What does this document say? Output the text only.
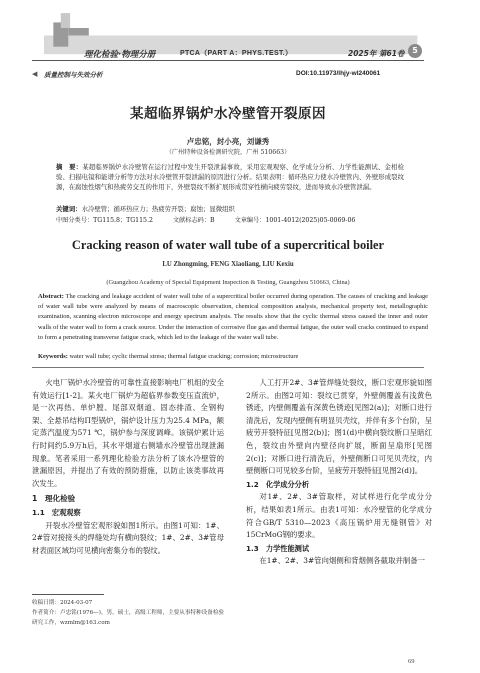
理化检验·物理分册	PTCA（PART A：PHYS.TEST.）	2025年 第61卷 5
◀ 质量控制与失效分析	DOI:10.11973/lhjy-wl240061
某超临界锅炉水冷壁管开裂原因
卢忠铭，封小亮，刘谦秀
（广州特种设备检测研究院，广州 510663）
摘　要：某超临界锅炉水冷壁管在运行过程中发生开裂泄漏事故，采用宏观观察、化学成分分析、力学性能测试、金相检验、扫描电镜和能谱分析等方法对水冷壁管开裂泄漏的原因进行分析。结果表明：循环热应力使水冷壁管内、外壁形成裂纹源，在腐蚀性烟气和热疲劳交互的作用下，外壁裂纹不断扩展形成贯穿性横向疲劳裂纹，进而导致水冷壁管泄漏。
关键词：水冷壁管；循环热应力；热疲劳开裂；腐蚀；显微组织
中图分类号：TG115.8；TG115.2	文献标志码：B	文章编号：1001-4012(2025)05-0069-06
Cracking reason of water wall tube of a supercritical boiler
LU Zhongming, FENG Xiaoliang, LIU Kexiu
(Guangzhou Academy of Special Equipment Inspection & Testing, Guangzhou 510663, China)
Abstract: The cracking and leakage accident of water wall tube of a supercritical boiler occurred during operation. The causes of cracking and leakage of water wall tube were analyzed by means of macroscopic observation, chemical composition analysis, mechanical property test, metallographic examination, scanning electron microscope and energy spectrum analysis. The results show that the cyclic thermal stress caused the inner and outer walls of the water wall to form a crack source. Under the interaction of corrosive flue gas and thermal fatigue, the outer wall cracks continued to expand to form a penetrating transverse fatigue crack, which led to the leakage of the water wall tube.
Keywords: water wall tube; cyclic thermal stress; thermal fatigue cracking; corrosion; microstructure

火电厂锅炉水冷壁管的可靠性直接影响电厂机组的安全有效运行[1-2]。某火电厂锅炉为超临界参数变压直流炉，是一次再热、单炉膛、尾部双烟道、固态排渣、全钢构架、全悬吊结构Π型锅炉，锅炉设计压力为25.4 MPa，额定蒸汽温度为571 ℃，锅炉参与深度调峰。该锅炉累计运行时间约5.9万h后，其水平烟道右侧墙水冷壁管出现泄漏现象。笔者采用一系列理化检验方法分析了该水冷壁管的泄漏原因，并提出了有效的预防措施，以防止该类事故再次发生。

1　理化检验
1.1　宏观观察

开裂水冷壁管宏观形貌如图1所示。由图1可知：1#、2#管对接接头的焊缝处均有横向裂纹；1#、2#、3#管母材表面区域均可见横向密集分布的裂纹。

人工打开2#、3#管焊缝处裂纹，断口宏观形貌如图2所示。由图2可知：裂纹已贯穿，外壁侧覆盖有浅黄色锈迹，内壁侧覆盖有深黄色锈迹[见图2(a)]；对断口进行清洗后，发现内壁侧有明显贝壳纹，并伴有多个台阶，呈疲劳开裂特征[见图2(b)]；图1(d)中横向裂纹断口呈暗红色，裂纹由外壁向内壁径向扩展，断面呈扇形[见图2(c)]；对断口进行清洗后，外壁侧断口可见贝壳纹，内壁侧断口可见较多台阶，呈疲劳开裂特征[见图2(d)]。

1.2　化学成分分析

对1#、2#、3#管取样，对试样进行化学成分分析，结果如表1所示。由表1可知：水冷壁管的化学成分符合GB/T 5310—2023《高压锅炉用无缝钢管》对15CrMoG钢的要求。

1.3　力学性能测试

在1#、2#、3#管向烟侧和背烟侧各截取并制备一

收稿日期：2024-03-07
作者简介：卢忠铭(1976—)，男，硕士，高级工程师，主要从事特种设备检验研究工作，wzmlm@163.com
69
